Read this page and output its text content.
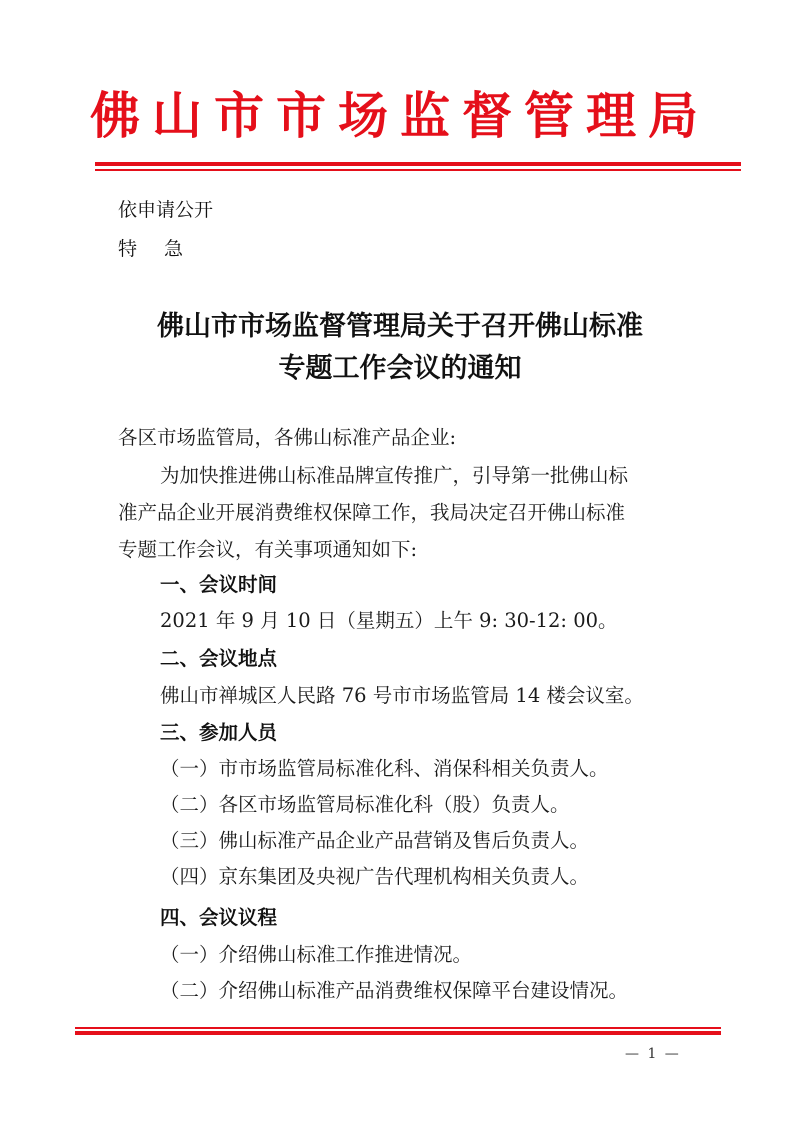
佛山市市场监督管理局
依申请公开
特　急
佛山市市场监督管理局关于召开佛山标准
专题工作会议的通知
各区市场监管局，各佛山标准产品企业:
为加快推进佛山标准品牌宣传推广，引导第一批佛山标
准产品企业开展消费维权保障工作，我局决定召开佛山标准
专题工作会议，有关事项通知如下:
一、会议时间
2021 年 9 月 10 日（星期五）上午 9: 30-12: 00。
二、会议地点
佛山市禅城区人民路 76 号市市场监管局 14 楼会议室。
三、参加人员
（一）市市场监管局标准化科、消保科相关负责人。
（二）各区市场监管局标准化科（股）负责人。
（三）佛山标准产品企业产品营销及售后负责人。
（四）京东集团及央视广告代理机构相关负责人。
四、会议议程
（一）介绍佛山标准工作推进情况。
（二）介绍佛山标准产品消费维权保障平台建设情况。
— 1 —
